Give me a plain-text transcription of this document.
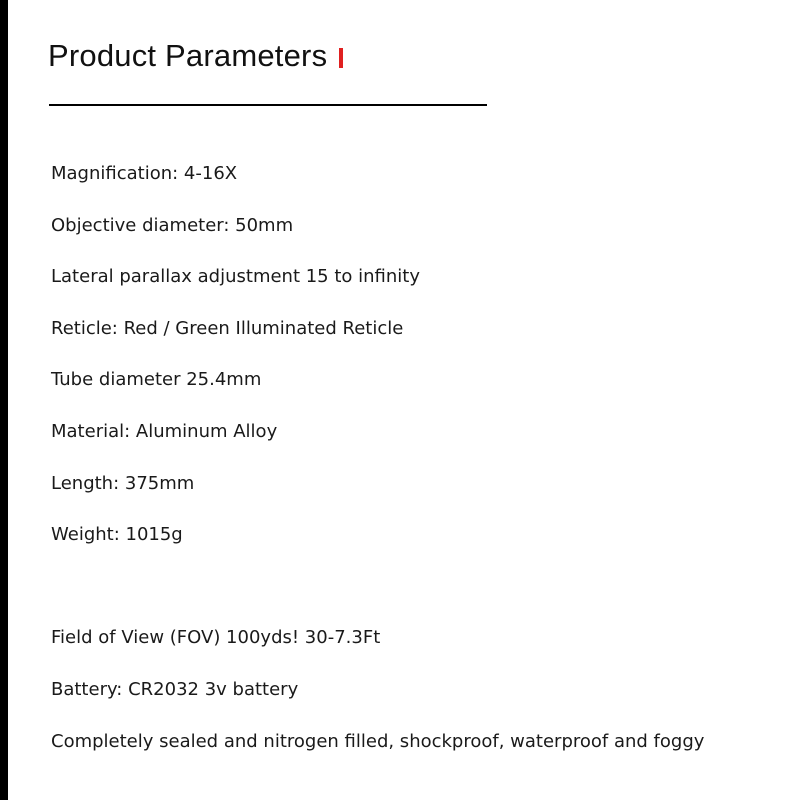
Product Parameters
Magnification: 4-16X
Objective diameter: 50mm
Lateral parallax adjustment 15 to infinity
Reticle: Red / Green Illuminated Reticle
Tube diameter 25.4mm
Material: Aluminum Alloy
Length: 375mm
Weight: 1015g
Field of View (FOV) 100yds! 30-7.3Ft
Battery: CR2032 3v battery
Completely sealed and nitrogen filled, shockproof, waterproof and foggy
